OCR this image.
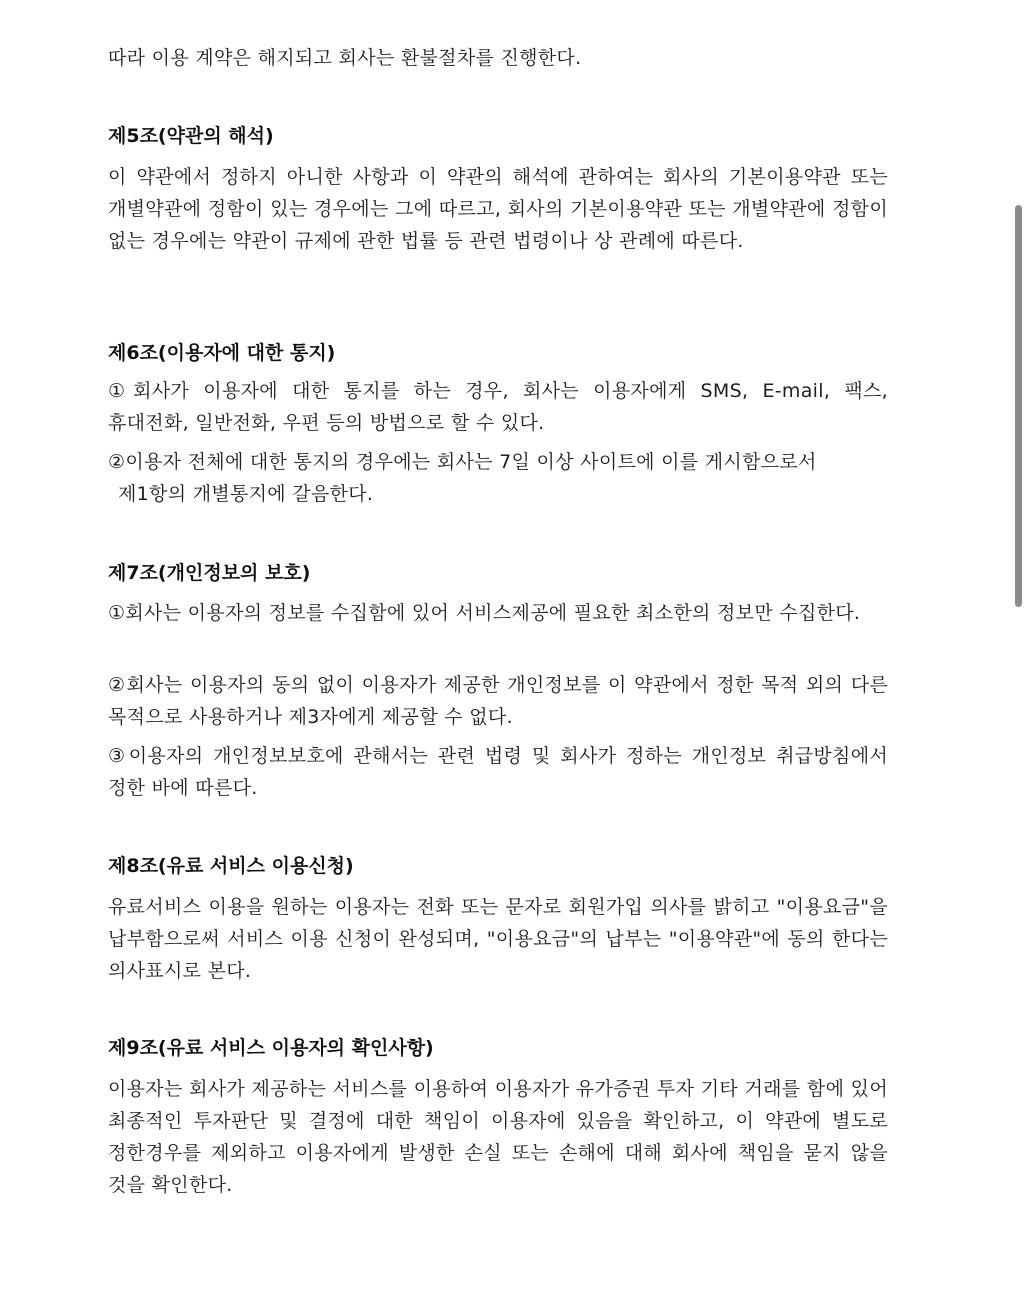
따라 이용 계약은 해지되고 회사는 환불절차를 진행한다.

제5조(약관의 해석)

이 약관에서 정하지 아니한 사항과 이 약관의 해석에 관하여는 회사의 기본이용약관 또는 개별약관에 정함이 있는 경우에는 그에 따르고, 회사의 기본이용약관 또는 개별약관에 정함이 없는 경우에는 약관이 규제에 관한 법률 등 관련 법령이나 상 관례에 따른다.

제6조(이용자에 대한 통지)

①회사가 이용자에 대한 통지를 하는 경우, 회사는 이용자에게 SMS, E-mail, 팩스, 휴대전화, 일반전화, 우편 등의 방법으로 할 수 있다.

②이용자 전체에 대한 통지의 경우에는 회사는 7일 이상 사이트에 이를 게시함으로서
제1항의 개별통지에 갈음한다.

제7조(개인정보의 보호)

①회사는 이용자의 정보를 수집함에 있어 서비스제공에 필요한 최소한의 정보만 수집한다.

②회사는 이용자의 동의 없이 이용자가 제공한 개인정보를 이 약관에서 정한 목적 외의 다른 목적으로 사용하거나 제3자에게 제공할 수 없다.

③이용자의 개인정보보호에 관해서는 관련 법령 및 회사가 정하는 개인정보 취급방침에서 정한 바에 따른다.

제8조(유료 서비스 이용신청)

유료서비스 이용을 원하는 이용자는 전화 또는 문자로 회원가입 의사를 밝히고 "이용요금"을 납부함으로써 서비스 이용 신청이 완성되며, "이용요금"의 납부는 "이용약관"에 동의 한다는 의사표시로 본다.

제9조(유료 서비스 이용자의 확인사항)

이용자는 회사가 제공하는 서비스를 이용하여 이용자가 유가증권 투자 기타 거래를 함에 있어 최종적인 투자판단 및 결정에 대한 책임이 이용자에 있음을 확인하고, 이 약관에 별도로 정한경우를 제외하고 이용자에게 발생한 손실 또는 손해에 대해 회사에 책임을 묻지 않을 것을 확인한다.
